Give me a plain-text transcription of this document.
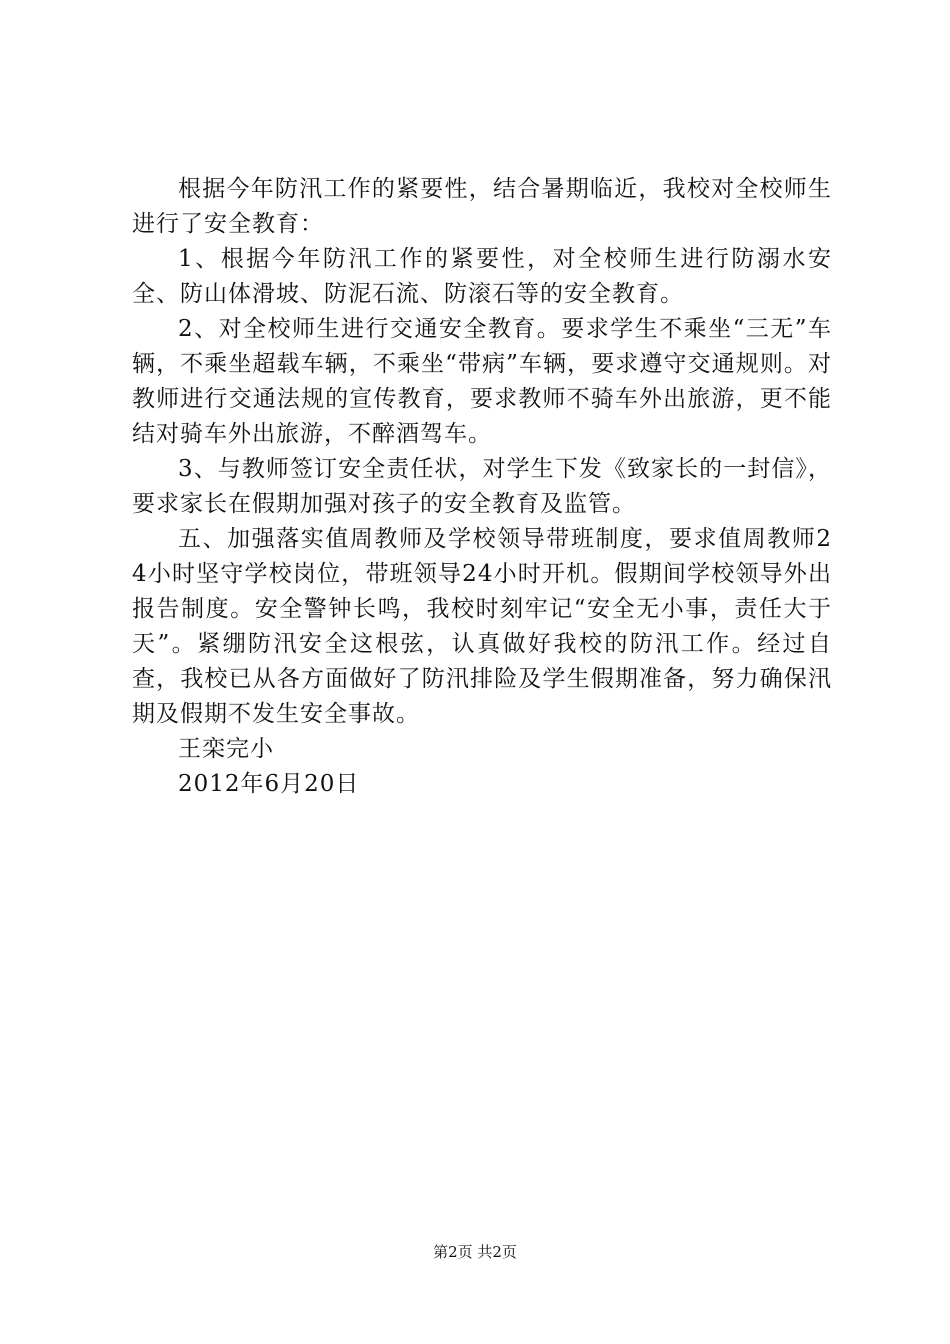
根据今年防汛工作的紧要性，结合暑期临近，我校对全校师生进行了安全教育：

1、根据今年防汛工作的紧要性，对全校师生进行防溺水安全、防山体滑坡、防泥石流、防滚石等的安全教育。

2、对全校师生进行交通安全教育。要求学生不乘坐“三无”车辆，不乘坐超载车辆，不乘坐“带病”车辆，要求遵守交通规则。对教师进行交通法规的宣传教育，要求教师不骑车外出旅游，更不能结对骑车外出旅游，不醉酒驾车。

3、与教师签订安全责任状，对学生下发《致家长的一封信》，要求家长在假期加强对孩子的安全教育及监管。

五、加强落实值周教师及学校领导带班制度，要求值周教师24小时坚守学校岗位，带班领导24小时开机。假期间学校领导外出报告制度。安全警钟长鸣，我校时刻牢记“安全无小事，责任大于天”。紧绷防汛安全这根弦，认真做好我校的防汛工作。经过自查，我校已从各方面做好了防汛排险及学生假期准备，努力确保汛期及假期不发生安全事故。

王栾完小

2012年6月20日

第2页 共2页
